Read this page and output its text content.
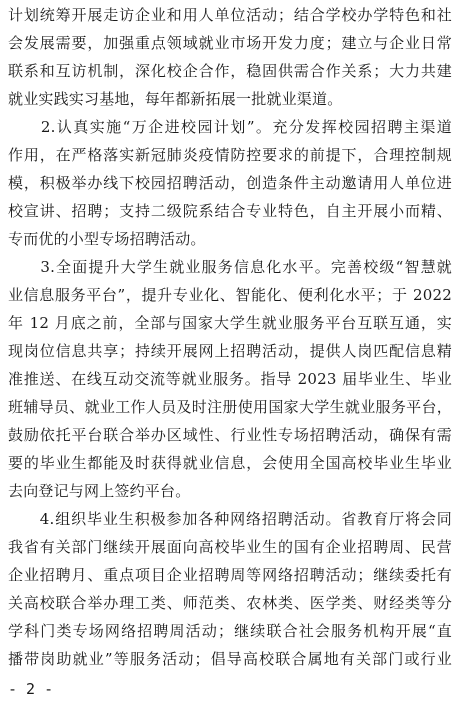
计划统筹开展走访企业和用人单位活动；结合学校办学特色和社
会发展需要，加强重点领域就业市场开发力度；建立与企业日常
联系和互访机制，深化校企合作，稳固供需合作关系；大力共建
就业实践实习基地，每年都新拓展一批就业渠道。
　　2.认真实施“万企进校园计划”。充分发挥校园招聘主渠道
作用，在严格落实新冠肺炎疫情防控要求的前提下，合理控制规
模，积极举办线下校园招聘活动，创造条件主动邀请用人单位进
校宣讲、招聘；支持二级院系结合专业特色，自主开展小而精、
专而优的小型专场招聘活动。
　　3.全面提升大学生就业服务信息化水平。完善校级“智慧就
业信息服务平台”，提升专业化、智能化、便利化水平；于 2022
年 12 月底之前，全部与国家大学生就业服务平台互联互通，实
现岗位信息共享；持续开展网上招聘活动，提供人岗匹配信息精
准推送、在线互动交流等就业服务。指导 2023 届毕业生、毕业
班辅导员、就业工作人员及时注册使用国家大学生就业服务平台，
鼓励依托平台联合举办区域性、行业性专场招聘活动，确保有需
要的毕业生都能及时获得就业信息，会使用全国高校毕业生毕业
去向登记与网上签约平台。
　　4.组织毕业生积极参加各种网络招聘活动。省教育厅将会同
我省有关部门继续开展面向高校毕业生的国有企业招聘周、民营
企业招聘月、重点项目企业招聘周等网络招聘活动；继续委托有
关高校联合举办理工类、师范类、农林类、医学类、财经类等分
学科门类专场网络招聘周活动；继续联合社会服务机构开展“直
播带岗助就业”等服务活动；倡导高校联合属地有关部门或行业
- 2 -
